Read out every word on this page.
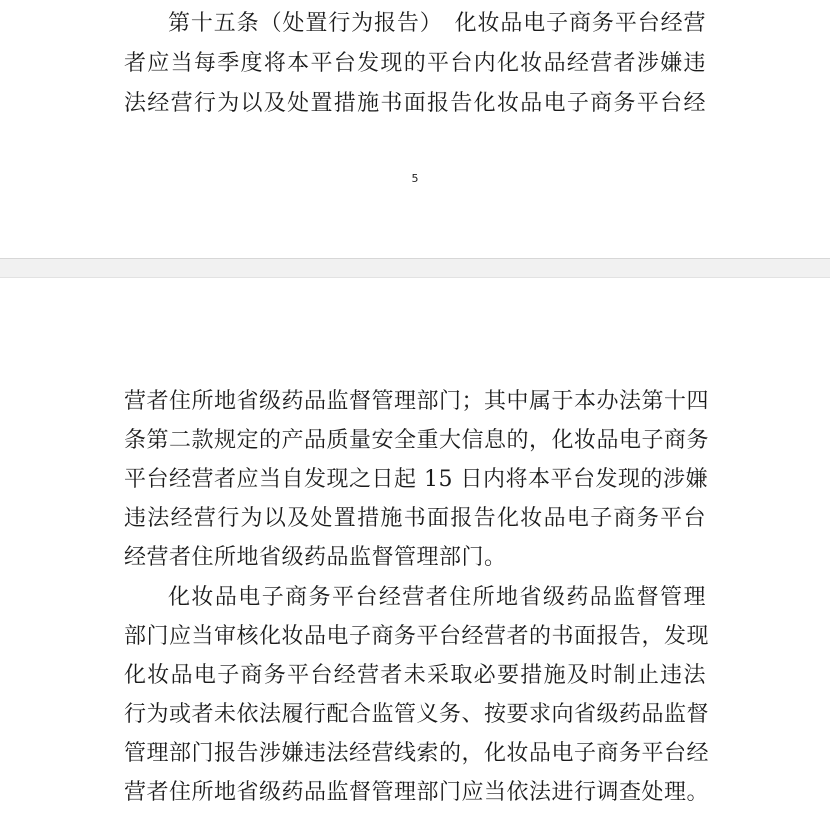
第十五条（处置行为报告）　化妆品电子商务平台经营
者应当每季度将本平台发现的平台内化妆品经营者涉嫌违
法经营行为以及处置措施书面报告化妆品电子商务平台经
5
营者住所地省级药品监督管理部门；其中属于本办法第十四
条第二款规定的产品质量安全重大信息的，化妆品电子商务
平台经营者应当自发现之日起 15 日内将本平台发现的涉嫌
违法经营行为以及处置措施书面报告化妆品电子商务平台
经营者住所地省级药品监督管理部门。
化妆品电子商务平台经营者住所地省级药品监督管理
部门应当审核化妆品电子商务平台经营者的书面报告，发现
化妆品电子商务平台经营者未采取必要措施及时制止违法
行为或者未依法履行配合监管义务、按要求向省级药品监督
管理部门报告涉嫌违法经营线索的，化妆品电子商务平台经
营者住所地省级药品监督管理部门应当依法进行调查处理。
